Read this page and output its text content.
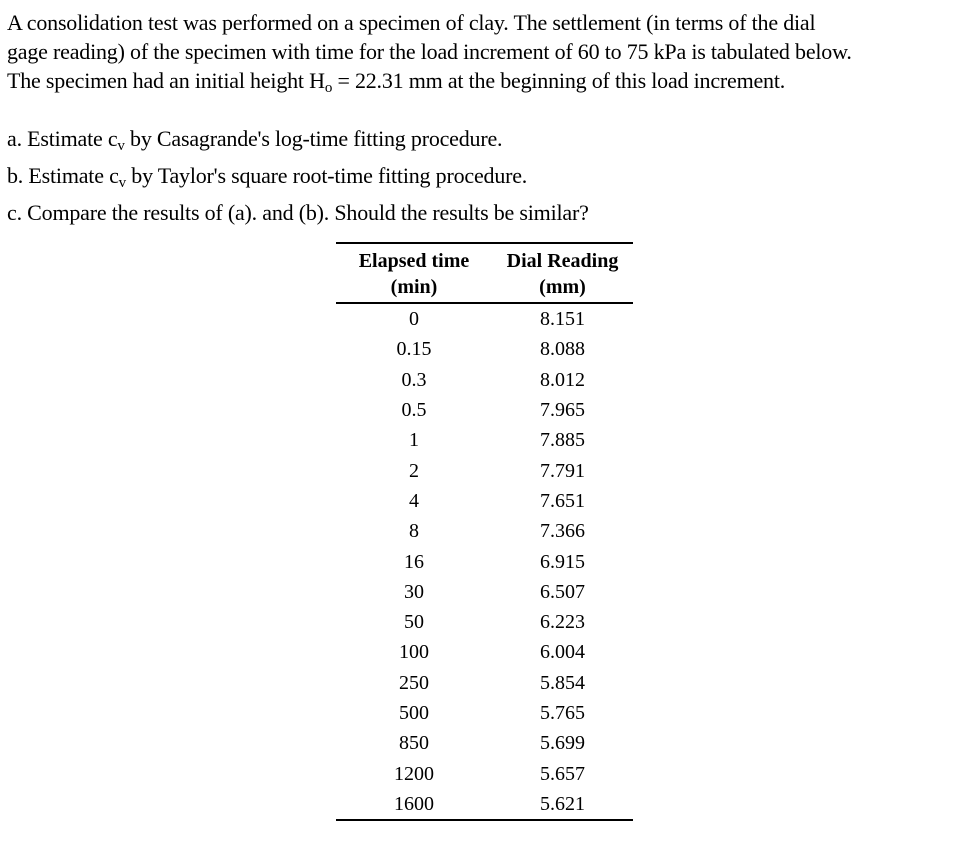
A consolidation test was performed on a specimen of clay. The settlement (in terms of the dial

gage reading) of the specimen with time for the load increment of 60 to 75 kPa is tabulated below.

The specimen had an initial height $H_o = 22.31$ mm at the beginning of this load increment.

a. Estimate $c_v$ by Casagrande's log-time fitting procedure.

b. Estimate $c_v$ by Taylor's square root-time fitting procedure.

c. Compare the results of (a). and (b). Should the results be similar?

Elapsed time	Dial Reading
(min)	(mm)
0	8.151
0.15	8.088
0.3	8.012
0.5	7.965
1	7.885
2	7.791
4	7.651
8	7.366
16	6.915
30	6.507
50	6.223
100	6.004
250	5.854
500	5.765
850	5.699
1200	5.657
1600	5.621
